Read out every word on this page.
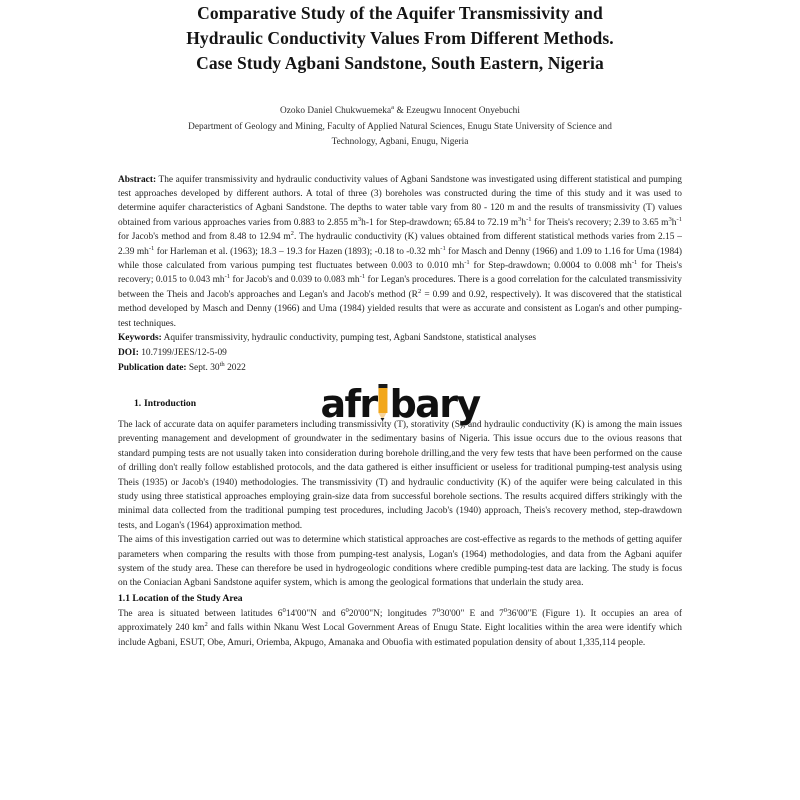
Comparative Study of the Aquifer Transmissivity and
Hydraulic Conductivity Values From Different Methods.
Case Study Agbani Sandstone, South Eastern, Nigeria
Ozoko Daniel Chukwuemeka$^a$ & Ezeugwu Innocent Onyebuchi
Department of Geology and Mining, Faculty of Applied Natural Sciences, Enugu State University of Science and
Technology, Agbani, Enugu, Nigeria

Abstract: The aquifer transmissivity and hydraulic conductivity values of Agbani Sandstone was investigated using different statistical and pumping test approaches developed by different authors. A total of three (3) boreholes was constructed during the time of this study and it was used to determine aquifer characteristics of Agbani Sandstone. The depths to water table vary from 80 - 120 m and the results of transmissivity (T) values obtained from various approaches varies from 0.883 to 2.855 $m^3h-1$ for Step-drawdown; 65.84 to 72.19 $m^3h^{-1}$ for Theis's recovery; 2.39 to 3.65 $m^3h^{-1}$ for Jacob's method and from 8.48 to 12.94 $m^2$. The hydraulic conductivity (K) values obtained from different statistical methods varies from 2.15 – 2.39 $mh^{-1}$ for Harleman et al. (1963); 18.3 – 19.3 for Hazen (1893); -0.18 to -0.32 $mh^{-1}$ for Masch and Denny (1966) and 1.09 to 1.16 for Uma (1984) while those calculated from various pumping test fluctuates between 0.003 to 0.010 $mh^{-1}$ for Step-drawdown; 0.0004 to 0.008 $mh^{-1}$ for Theis's recovery; 0.015 to 0.043 $mh^{-1}$ for Jacob's and 0.039 to 0.083 $mh^{-1}$ for Legan's procedures. There is a good correlation for the calculated transmissivity between the Theis and Jacob's approaches and Legan's and Jacob's method ($R^2 = 0.99$ and 0.92, respectively). It was discovered that the statistical method developed by Masch and Denny (1966) and Uma (1984) yielded results that were as accurate and consistent as Logan's and other pumping-test techniques.

Keywords: Aquifer transmissivity, hydraulic conductivity, pumping test, Agbani Sandstone, statistical analyses
DOI: 10.7199/JEES/12-5-09
Publication date: Sept. 30th 2022
1. Introduction

The lack of accurate data on aquifer parameters including transmissivity (T), storativity (S), and hydraulic conductivity (K) is among the main issues preventing management and development of groundwater in the sedimentary basins of Nigeria. This issue occurs due to the ovious reasons that standard pumping tests are not usually taken into consideration during borehole drilling,and the very few tests that have been performed on the cause of drilling don't really follow established protocols, and the data gathered is either insufficient or useless for traditional pumping-test analysis using Theis (1935) or Jacob's (1940) methodologies. The transmissivity (T) and hydraulic conductivity (K) of the aquifer were being calculated in this study using three statistical approaches employing grain-size data from successful borehole sections. The results acquired differs strikingly with the minimal data collected from the traditional pumping test procedures, including Jacob's (1940) approach, Theis's recovery method, step-drawdown tests, and Logan's (1964) approximation method.

The aims of this investigation carried out was to determine which statistical approaches are cost-effective as regards to the methods of getting aquifer parameters when comparing the results with those from pumping-test analysis, Logan's (1964) methodologies, and data from the Agbani aquifer system of the study area. These can therefore be used in hydrogeologic conditions where credible pumping-test data are lacking. The study is focus on the Coniacian Agbani Sandstone aquifer system, which is among the geological formations that underlain the study area.

1.1 Location of the Study Area

The area is situated between latitudes $6^014'00"N$ and $6^020'00"N$; longitudes $7^030'00$" E and $7^036'00"E$ (Figure 1). It occupies an area of approximately 240 $km^2$ and falls within Nkanu West Local Government Areas of Enugu State. Eight localities within the area were identify which include Agbani, ESUT, Obe, Amuri, Oriemba, Akpugo, Amanaka and Obuofia with estimated population density of about 1,335,114 people.

afr bary
